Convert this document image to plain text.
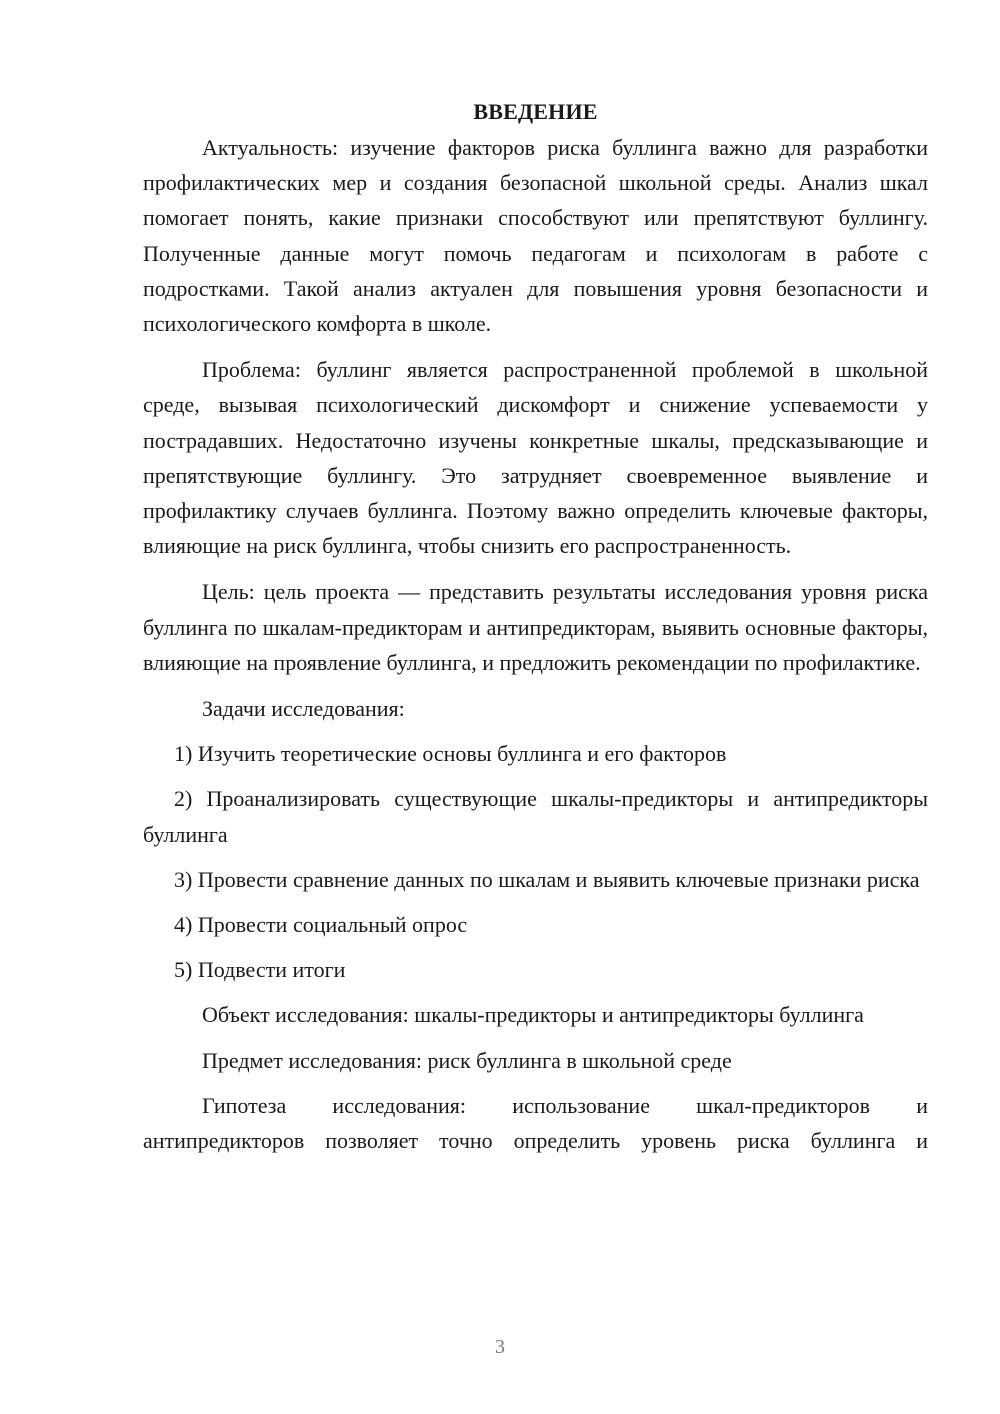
ВВЕДЕНИЕ

Актуальность: изучение факторов риска буллинга важно для разработки профилактических мер и создания безопасной школьной среды. Анализ шкал помогает понять, какие признаки способствуют или препятствуют буллингу. Полученные данные могут помочь педагогам и психологам в работе с подростками. Такой анализ актуален для повышения уровня безопасности и психологического комфорта в школе.

Проблема: буллинг является распространенной проблемой в школьной среде, вызывая психологический дискомфорт и снижение успеваемости у пострадавших. Недостаточно изучены конкретные шкалы, предсказывающие и препятствующие буллингу. Это затрудняет своевременное выявление и профилактику случаев буллинга. Поэтому важно определить ключевые факторы, влияющие на риск буллинга, чтобы снизить его распространенность.

Цель: цель проекта — представить результаты исследования уровня риска буллинга по шкалам-предикторам и антипредикторам, выявить основные факторы, влияющие на проявление буллинга, и предложить рекомендации по профилактике.

Задачи исследования:

1) Изучить теоретические основы буллинга и его факторов

2) Проанализировать существующие шкалы-предикторы и антипредикторы буллинга

3) Провести сравнение данных по шкалам и выявить ключевые признаки риска

4) Провести социальный опрос

5) Подвести итоги

Объект исследования: шкалы-предикторы и антипредикторы буллинга

Предмет исследования: риск буллинга в школьной среде

Гипотеза исследования: использование шкал-предикторов и антипредикторов позволяет точно определить уровень риска буллинга и

3
